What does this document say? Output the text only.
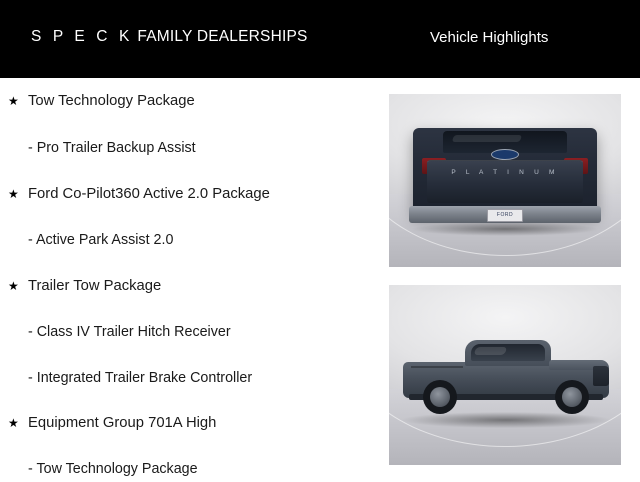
S P E C K FAMILY DEALERSHIPS	Vehicle Highlights
★ Tow Technology Package
- Pro Trailer Backup Assist
★ Ford Co-Pilot360 Active 2.0 Package
- Active Park Assist 2.0
★ Trailer Tow Package
- Class IV Trailer Hitch Receiver
- Integrated Trailer Brake Controller
★ Equipment Group 701A High
- Tow Technology Package
P L A T I N U M
FORD
